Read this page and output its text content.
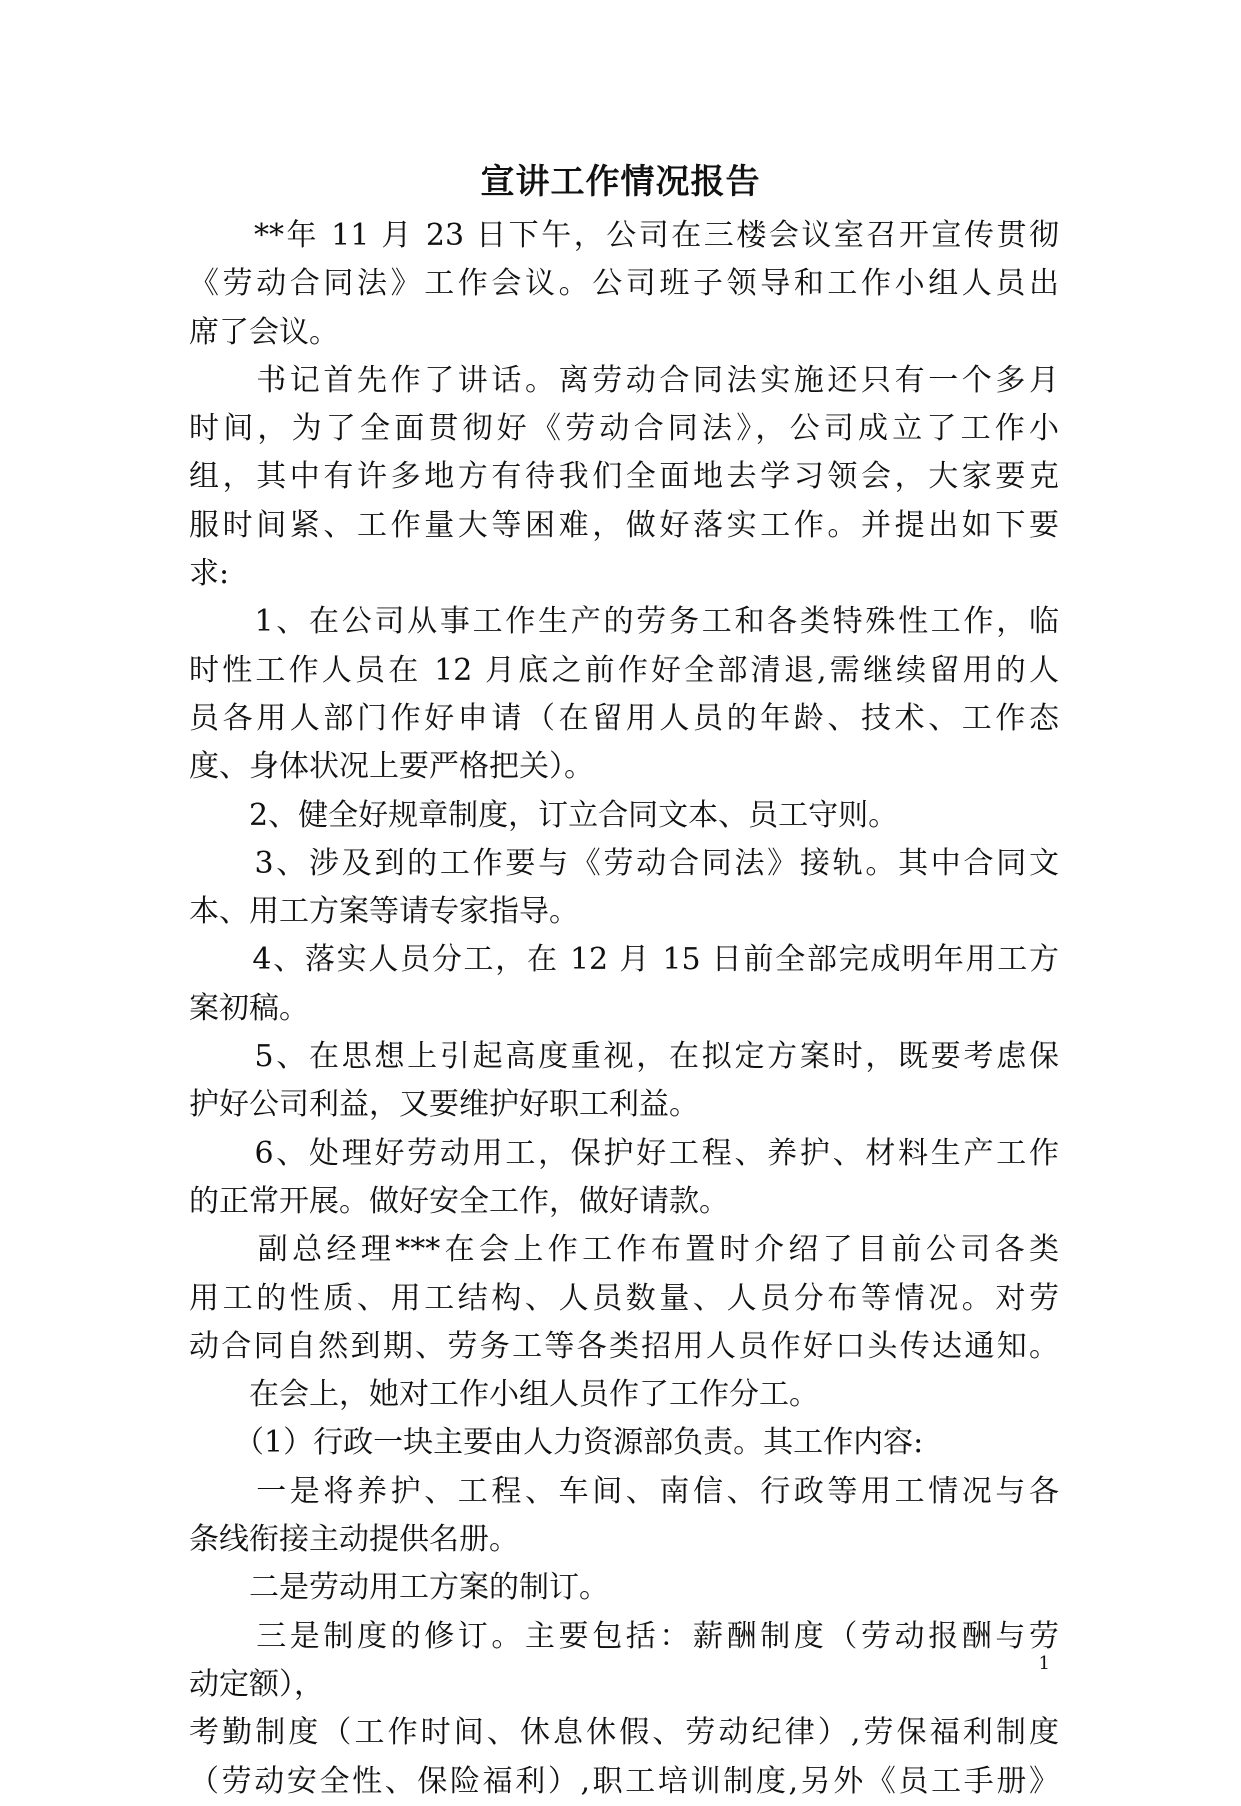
宣讲工作情况报告
　　**年 11 月 23 日下午，公司在三楼会议室召开宣传贯彻
《劳动合同法》工作会议。公司班子领导和工作小组人员出
席了会议。
　　书记首先作了讲话。离劳动合同法实施还只有一个多月
时间，为了全面贯彻好《劳动合同法》，公司成立了工作小
组，其中有许多地方有待我们全面地去学习领会，大家要克
服时间紧、工作量大等困难，做好落实工作。并提出如下要
求:
　　1、在公司从事工作生产的劳务工和各类特殊性工作，临
时性工作人员在 12 月底之前作好全部清退,需继续留用的人
员各用人部门作好申请（在留用人员的年龄、技术、工作态
度、身体状况上要严格把关）。
　　2、健全好规章制度，订立合同文本、员工守则。
　　3、涉及到的工作要与《劳动合同法》接轨。其中合同文
本、用工方案等请专家指导。
　　4、落实人员分工，在 12 月 15 日前全部完成明年用工方
案初稿。
　　5、在思想上引起高度重视，在拟定方案时，既要考虑保
护好公司利益，又要维护好职工利益。
　　6、处理好劳动用工，保护好工程、养护、材料生产工作
的正常开展。做好安全工作，做好请款。
　　副总经理***在会上作工作布置时介绍了目前公司各类
用工的性质、用工结构、人员数量、人员分布等情况。对劳
动合同自然到期、劳务工等各类招用人员作好口头传达通知。
　　在会上，她对工作小组人员作了工作分工。
　　（1）行政一块主要由人力资源部负责。其工作内容:
　　一是将养护、工程、车间、南信、行政等用工情况与各
条线衔接主动提供名册。
　　二是劳动用工方案的制订。
　　三是制度的修订。主要包括：薪酬制度（劳动报酬与劳
动定额），
考勤制度（工作时间、休息休假、劳动纪律）,劳保福利制度
（劳动安全性、保险福利）,职工培训制度,另外《员工手册》
1
